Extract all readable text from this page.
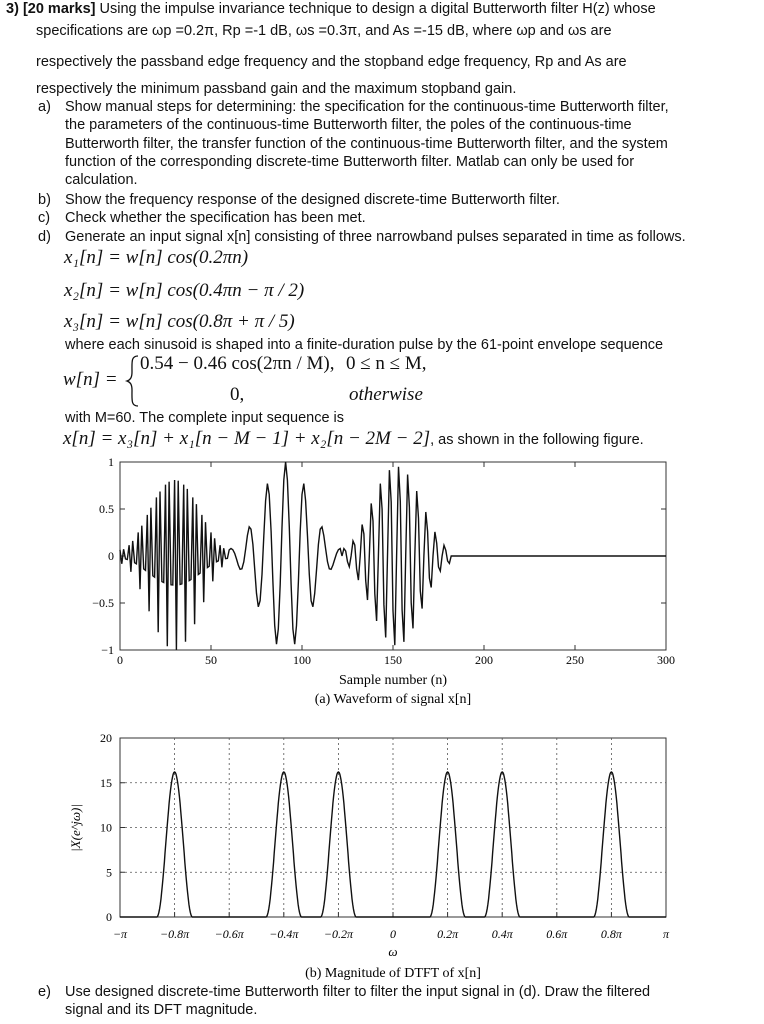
3) [20 marks] Using the impulse invariance technique to design a digital Butterworth filter H(z) whose
specifications are ωp =0.2π, Rp =-1 dB, ωs =0.3π, and As =-15 dB, where ωp and ωs are
respectively the passband edge frequency and the stopband edge frequency, Rp and As are
respectively the minimum passband gain and the maximum stopband gain.
a) Show manual steps for determining: the specification for the continuous-time Butterworth filter,
the parameters of the continuous-time Butterworth filter, the poles of the continuous-time
Butterworth filter, the transfer function of the continuous-time Butterworth filter, and the system
function of the corresponding discrete-time Butterworth filter. Matlab can only be used for
calculation.
b) Show the frequency response of the designed discrete-time Butterworth filter.
c) Check whether the specification has been met.
d) Generate an input signal x[n] consisting of three narrowband pulses separated in time as follows.
x₁[n] = w[n] cos(0.2πn)
x₂[n] = w[n] cos(0.4πn − π / 2)
x₃[n] = w[n] cos(0.8π + π / 5)
where each sinusoid is shaped into a finite-duration pulse by the 61-point envelope sequence
w[n] =
0.54 − 0.46 cos(2πn / M), 0 ≤ n ≤ M,
0,	otherwise
with M=60. The complete input sequence is
x[n] = x₃[n] + x₁[n − M − 1] + x₂[n − 2M − 2], as shown in the following figure.
0	50	100	150	200	250	300
1
0.5
0
−0.5
−1
Sample number (n)
(a) Waveform of signal x[n]
−π	−0.8π −0.6π −0.4π −0.2π	0	0.2π	0.4π	0.6π	0.8π	π
20
15
10
5
0
ω
(b) Magnitude of DTFT of x[n]
|X(e^jω)|
e) Use designed discrete-time Butterworth filter to filter the input signal in (d). Draw the filtered
signal and its DFT magnitude.
